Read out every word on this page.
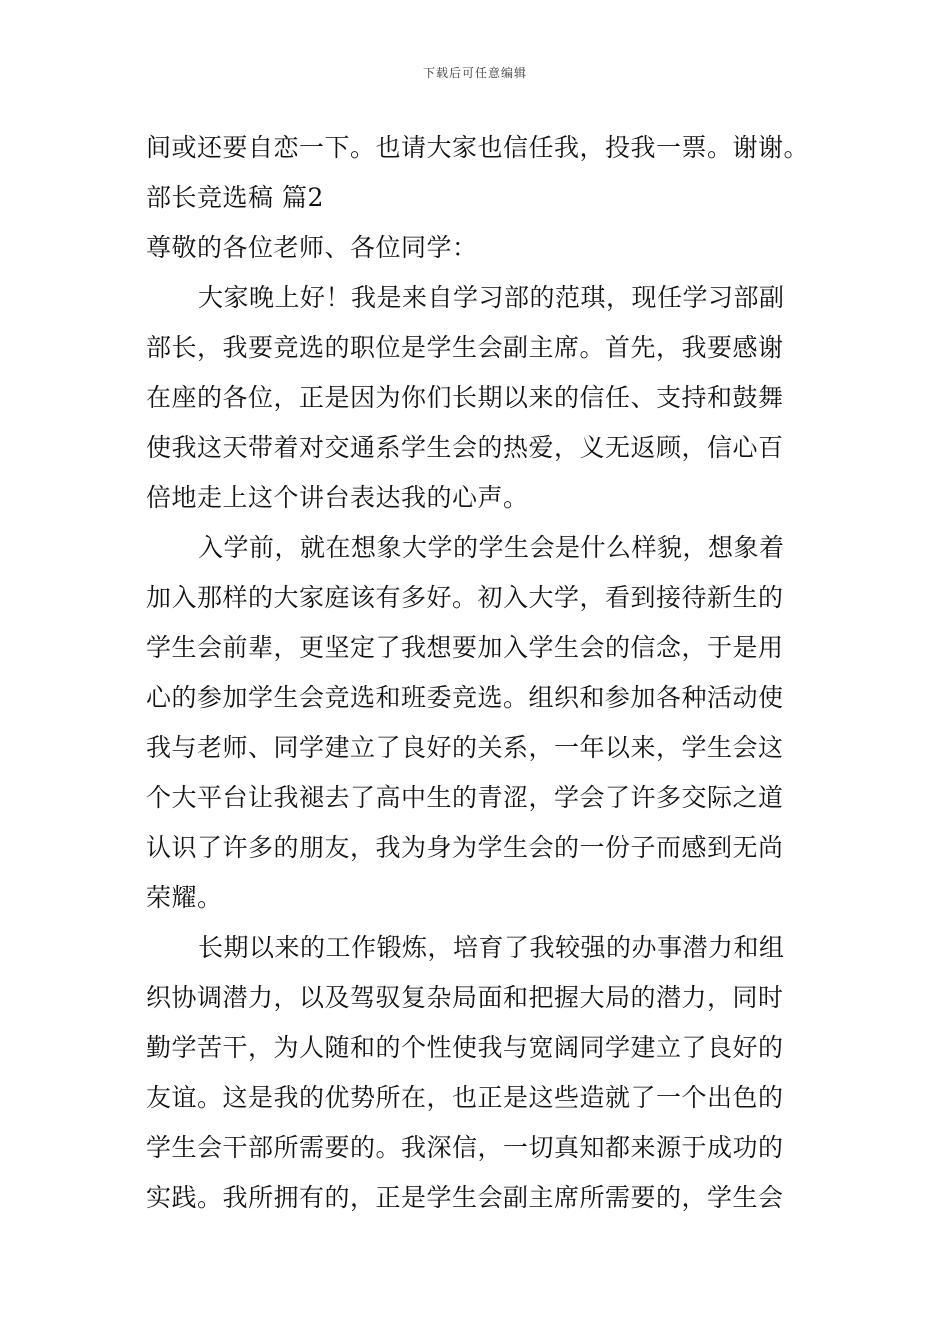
下载后可任意编辑
间或还要自恋一下。也请大家也信任我，投我一票。谢谢。
部长竞选稿 篇2
尊敬的各位老师、各位同学：
大家晚上好！我是来自学习部的范琪，现任学习部副
部长，我要竞选的职位是学生会副主席。首先，我要感谢
在座的各位，正是因为你们长期以来的信任、支持和鼓舞
使我这天带着对交通系学生会的热爱，义无返顾，信心百
倍地走上这个讲台表达我的心声。
入学前，就在想象大学的学生会是什么样貌，想象着
加入那样的大家庭该有多好。初入大学，看到接待新生的
学生会前辈，更坚定了我想要加入学生会的信念，于是用
心的参加学生会竞选和班委竞选。组织和参加各种活动使
我与老师、同学建立了良好的关系，一年以来，学生会这
个大平台让我褪去了高中生的青涩，学会了许多交际之道
认识了许多的朋友，我为身为学生会的一份子而感到无尚
荣耀。
长期以来的工作锻炼，培育了我较强的办事潜力和组
织协调潜力，以及驾驭复杂局面和把握大局的潜力，同时
勤学苦干，为人随和的个性使我与宽阔同学建立了良好的
友谊。这是我的优势所在，也正是这些造就了一个出色的
学生会干部所需要的。我深信，一切真知都来源于成功的
实践。我所拥有的，正是学生会副主席所需要的，学生会
